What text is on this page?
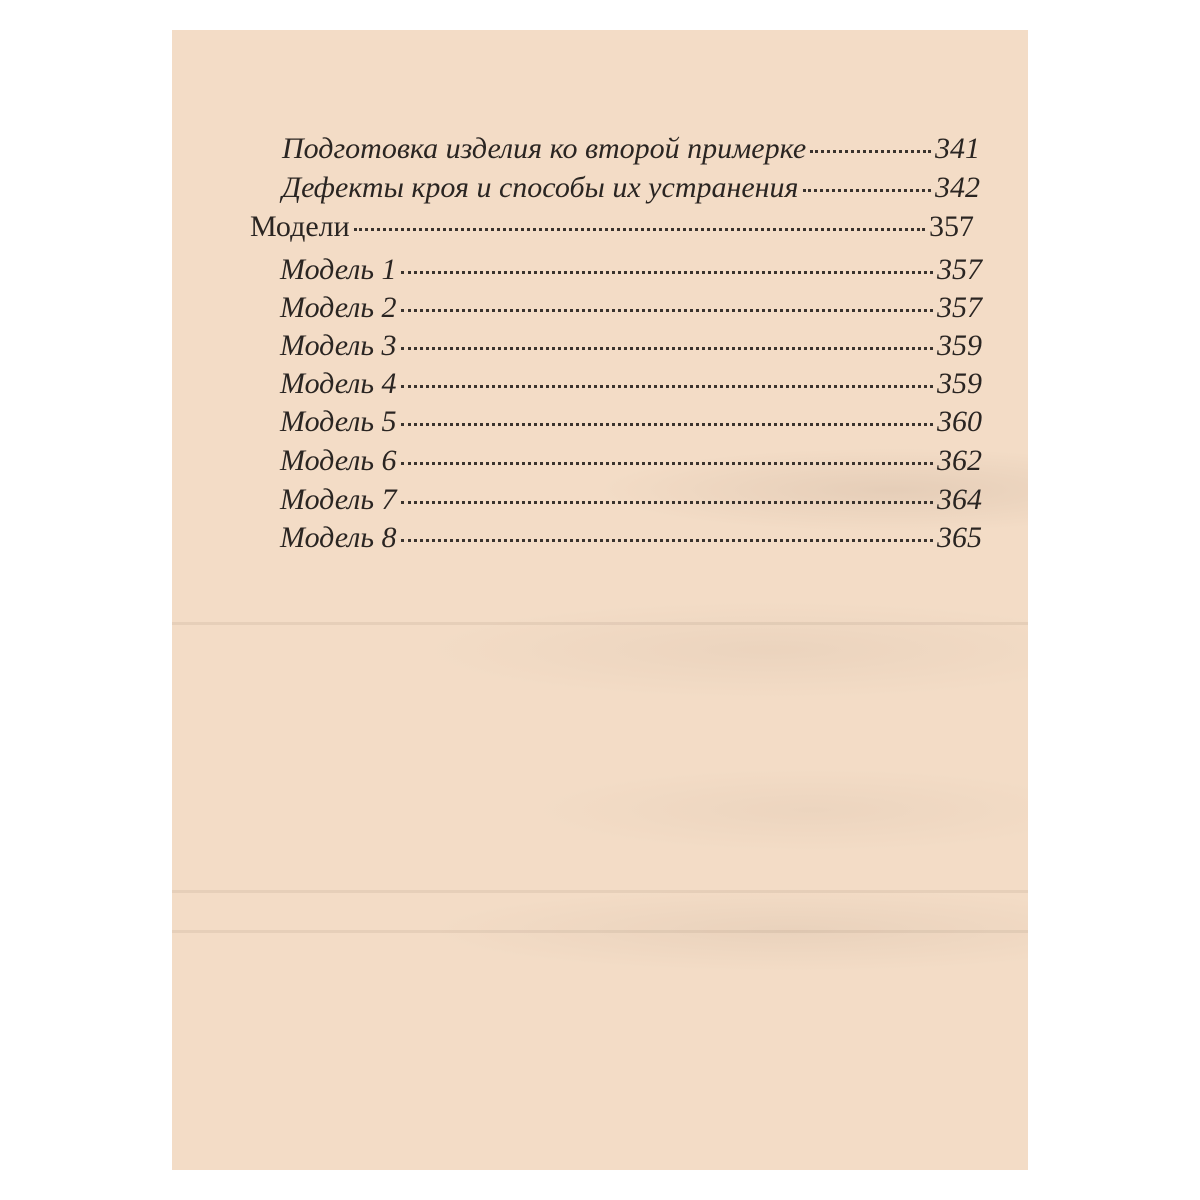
Подготовка изделия ко второй примерке	341
Дефекты кроя и способы их устранения	342
Модели	357
Модель 1	357
Модель 2	357
Модель 3	359
Модель 4	359
Модель 5	360
Модель 6	362
Модель 7	364
Модель 8	365
